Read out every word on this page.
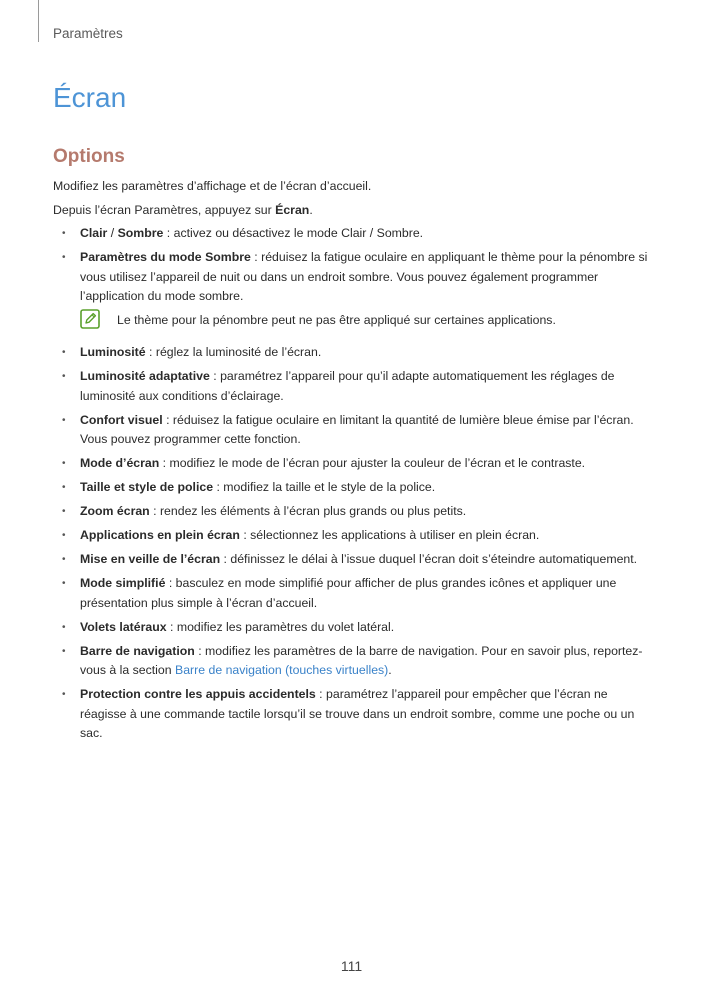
Paramètres
Écran
Options

Modifiez les paramètres d’affichage et de l’écran d’accueil.

Depuis l’écran Paramètres, appuyez sur Écran.

• Clair / Sombre : activez ou désactivez le mode Clair / Sombre.
• Paramètres du mode Sombre : réduisez la fatigue oculaire en appliquant le thème pour la pénombre si vous utilisez l’appareil de nuit ou dans un endroit sombre. Vous pouvez également programmer l’application du mode sombre.
Le thème pour la pénombre peut ne pas être appliqué sur certaines applications.
• Luminosité : réglez la luminosité de l’écran.
• Luminosité adaptative : paramétrez l’appareil pour qu’il adapte automatiquement les réglages de luminosité aux conditions d’éclairage.
• Confort visuel : réduisez la fatigue oculaire en limitant la quantité de lumière bleue émise par l’écran. Vous pouvez programmer cette fonction.
• Mode d’écran : modifiez le mode de l’écran pour ajuster la couleur de l’écran et le contraste.
• Taille et style de police : modifiez la taille et le style de la police.
• Zoom écran : rendez les éléments à l’écran plus grands ou plus petits.
• Applications en plein écran : sélectionnez les applications à utiliser en plein écran.
• Mise en veille de l’écran : définissez le délai à l’issue duquel l’écran doit s’éteindre automatiquement.
• Mode simplifié : basculez en mode simplifié pour afficher de plus grandes icônes et appliquer une présentation plus simple à l’écran d’accueil.
• Volets latéraux : modifiez les paramètres du volet latéral.
• Barre de navigation : modifiez les paramètres de la barre de navigation. Pour en savoir plus, reportez-vous à la section Barre de navigation (touches virtuelles).
• Protection contre les appuis accidentels : paramétrez l’appareil pour empêcher que l’écran ne réagisse à une commande tactile lorsqu’il se trouve dans un endroit sombre, comme une poche ou un sac.
111
